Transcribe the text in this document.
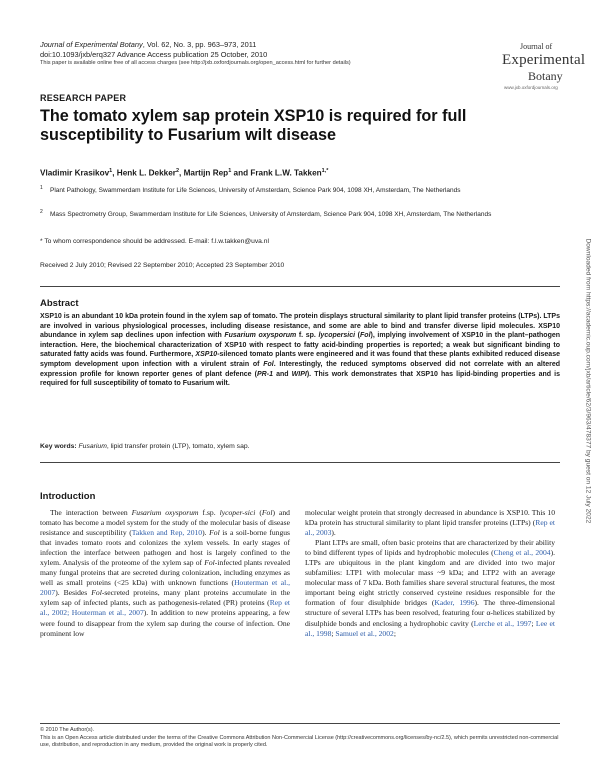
Journal of Experimental Botany, Vol. 62, No. 3, pp. 963–973, 2011
doi:10.1093/jxb/erq327 Advance Access publication 25 October, 2010
This paper is available online free of all access charges (see http://jxb.oxfordjournals.org/open_access.html for further details)
Journal of
Experimental
Botany
www.jxb.oxfordjournals.org
RESEARCH PAPER
The tomato xylem sap protein XSP10 is required for full susceptibility to Fusarium wilt disease
Vladimir Krasikov$^1$, Henk L. Dekker$^2$, Martijn Rep$^1$ and Frank L.W. Takken$^{1,*}$
1 Plant Pathology, Swammerdam Institute for Life Sciences, University of Amsterdam, Science Park 904, 1098 XH, Amsterdam, The Netherlands
2 Mass Spectrometry Group, Swammerdam Institute for Life Sciences, University of Amsterdam, Science Park 904, 1098 XH, Amsterdam, The Netherlands
* To whom correspondence should be addressed. E-mail: f.l.w.takken@uva.nl
Received 2 July 2010; Revised 22 September 2010; Accepted 23 September 2010
Abstract
XSP10 is an abundant 10 kDa protein found in the xylem sap of tomato. The protein displays structural similarity to plant lipid transfer proteins (LTPs). LTPs are involved in various physiological processes, including disease resistance, and some are able to bind and transfer diverse lipid molecules. XSP10 abundance in xylem sap declines upon infection with Fusarium oxysporum f. sp. lycopersici (Fol), implying involvement of XSP10 in the plant–pathogen interaction. Here, the biochemical characterization of XSP10 with respect to fatty acid-binding properties is reported; a weak but significant binding to saturated fatty acids was found. Furthermore, XSP10-silenced tomato plants were engineered and it was found that these plants exhibited reduced disease symptom development upon infection with a virulent strain of Fol. Interestingly, the reduced symptoms observed did not correlate with an altered expression profile for known reporter genes of plant defence (PR-1 and WIPI). This work demonstrates that XSP10 has lipid-binding properties and is required for full susceptibility of tomato to Fusarium wilt.
Key words: Fusarium, lipid transfer protein (LTP), tomato, xylem sap.
Introduction

The interaction between Fusarium oxysporum f.sp. lycoper-sici (Fol) and tomato has become a model system for the study of the molecular basis of disease resistance and susceptibility (Takken and Rep, 2010). Fol is a soil-borne fungus that invades tomato roots and colonizes the xylem vessels. In early stages of infection the interface between pathogen and host is largely confined to the xylem. Analysis of the proteome of the xylem sap of Fol-infected plants revealed many fungal proteins that are secreted during colonization, including enzymes as well as small proteins (<25 kDa) with unknown functions (Houterman et al., 2007). Besides Fol-secreted proteins, many plant proteins accumulate in the xylem sap of infected plants, such as pathogenesis-related (PR) proteins (Rep et al., 2002; Houterman et al., 2007). In addition to new proteins appearing, a few were found to disappear from the xylem sap during the course of infection. One prominent low

molecular weight protein that strongly decreased in abundance is XSP10. This 10 kDa protein has structural similarity to plant lipid transfer proteins (LTPs) (Rep et al., 2003).

Plant LTPs are small, often basic proteins that are characterized by their ability to bind different types of lipids and hydrophobic molecules (Cheng et al., 2004). LTPs are ubiquitous in the plant kingdom and are divided into two major subfamilies: LTP1 with molecular mass ~9 kDa; and LTP2 with an average molecular mass of 7 kDa. Both families share several structural features, the most important being eight strictly conserved cysteine residues responsible for the formation of four disulphide bridges (Kader, 1996). The three-dimensional structure of several LTPs has been resolved, featuring four α-helices stabilized by disulphide bonds and enclosing a hydrophobic cavity (Lerche et al., 1997; Lee et al., 1998; Samuel et al., 2002;

© 2010 The Author(s).
This is an Open Access article distributed under the terms of the Creative Commons Attribution Non-Commercial License (http://creativecommons.org/licenses/by-nc/2.5), which permits unrestricted non-commercial use, distribution, and reproduction in any medium, provided the original work is properly cited.
Downloaded from https://academic.oup.com/jxb/article/62/3/963/478377 by guest on 12 July 2022
